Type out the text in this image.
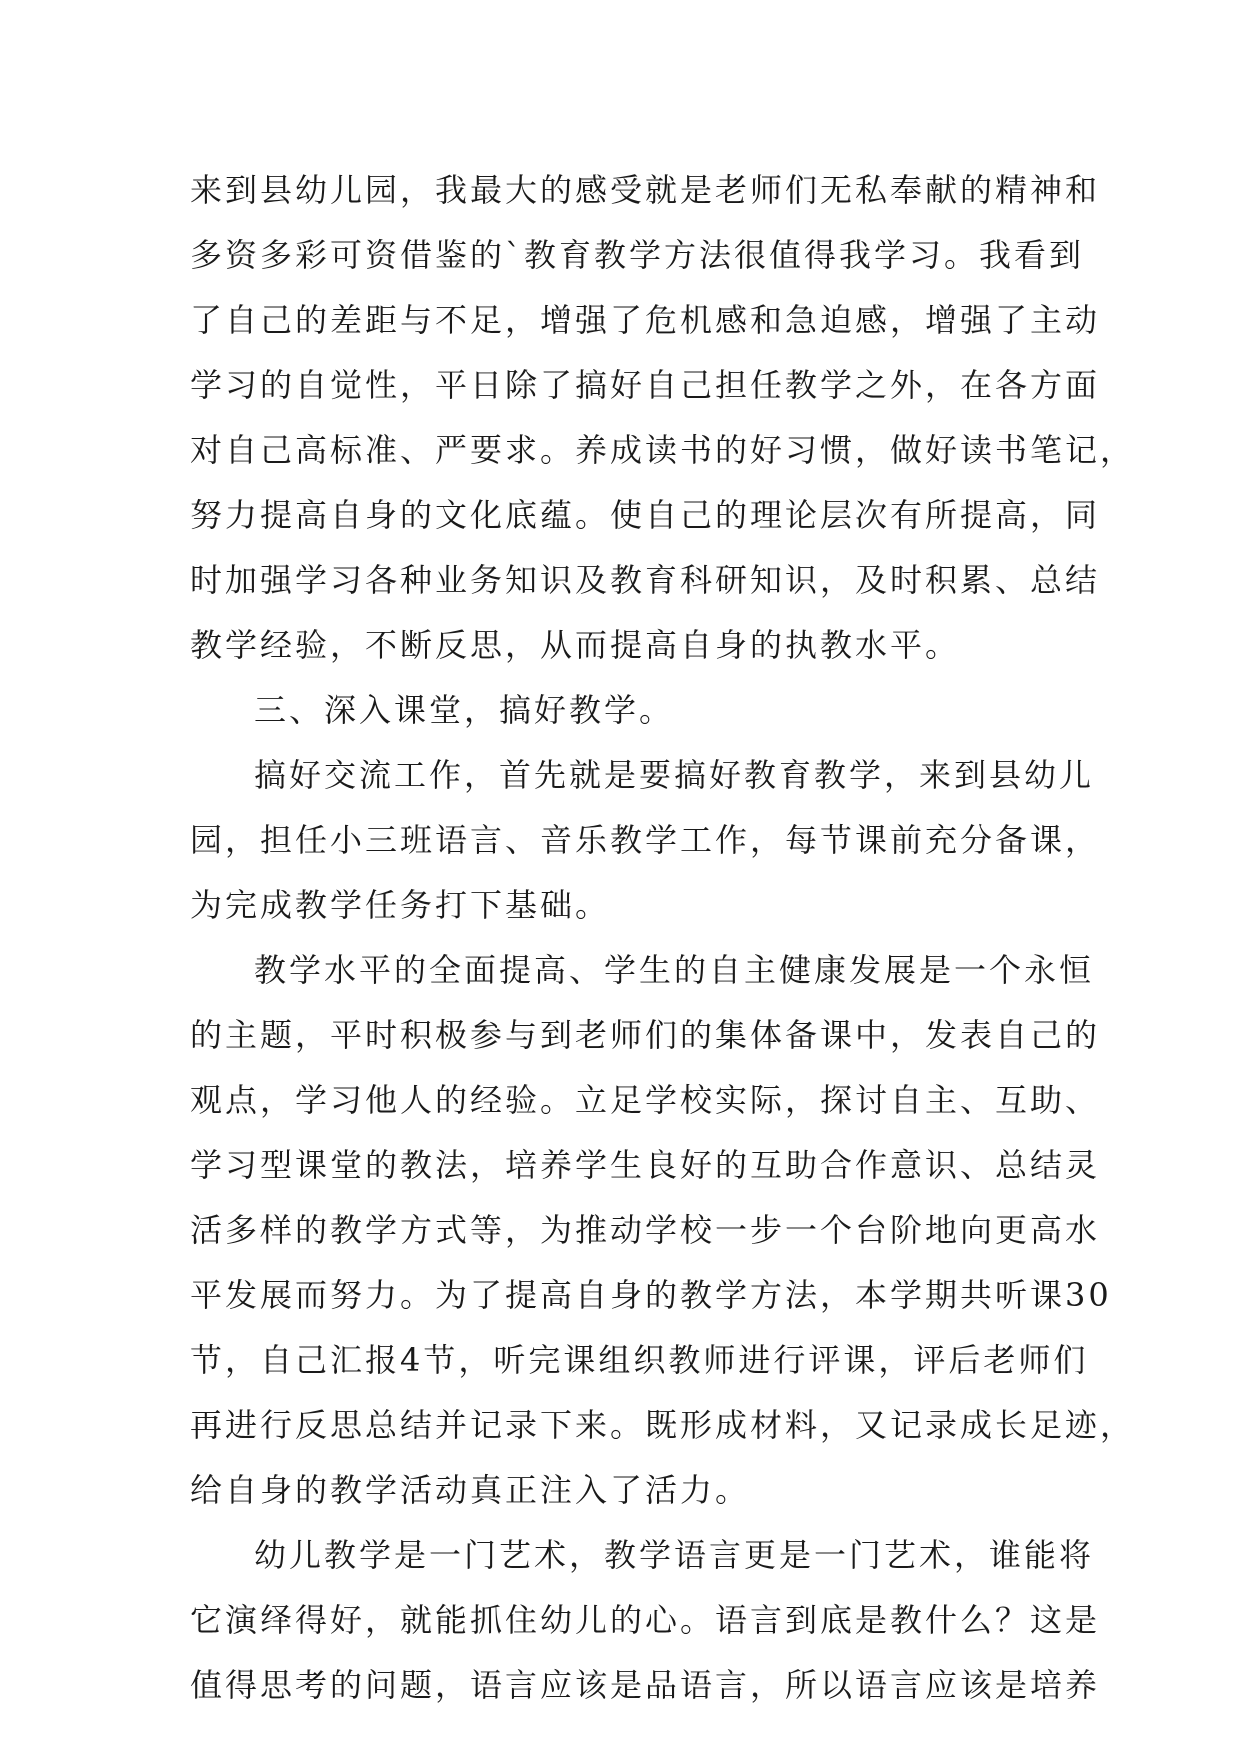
来到县幼儿园，我最大的感受就是老师们无私奉献的精神和
多资多彩可资借鉴的`教育教学方法很值得我学习。我看到
了自己的差距与不足，增强了危机感和急迫感，增强了主动
学习的自觉性，平日除了搞好自己担任教学之外，在各方面
对自己高标准、严要求。养成读书的好习惯，做好读书笔记，
努力提高自身的文化底蕴。使自己的理论层次有所提高，同
时加强学习各种业务知识及教育科研知识，及时积累、总结
教学经验，不断反思，从而提高自身的执教水平。
三、深入课堂，搞好教学。
搞好交流工作，首先就是要搞好教育教学，来到县幼儿
园，担任小三班语言、音乐教学工作，每节课前充分备课，
为完成教学任务打下基础。
教学水平的全面提高、学生的自主健康发展是一个永恒
的主题，平时积极参与到老师们的集体备课中，发表自己的
观点，学习他人的经验。立足学校实际，探讨自主、互助、
学习型课堂的教法，培养学生良好的互助合作意识、总结灵
活多样的教学方式等，为推动学校一步一个台阶地向更高水
平发展而努力。为了提高自身的教学方法，本学期共听课30
节，自己汇报4节，听完课组织教师进行评课，评后老师们
再进行反思总结并记录下来。既形成材料，又记录成长足迹，
给自身的教学活动真正注入了活力。
幼儿教学是一门艺术，教学语言更是一门艺术，谁能将
它演绎得好，就能抓住幼儿的心。语言到底是教什么？这是
值得思考的问题，语言应该是品语言，所以语言应该是培养
